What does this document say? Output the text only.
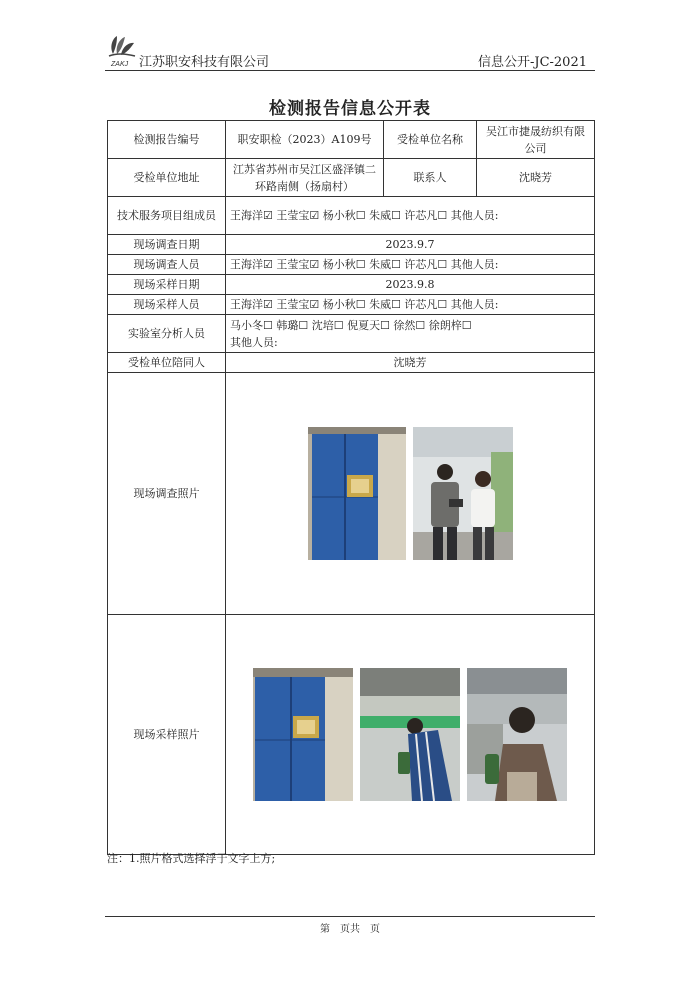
ZAKJ 江苏职安科技有限公司	信息公开-JC-2021
检测报告信息公开表
检测报告编号	职安职检（2023）A109号	受检单位名称	吴江市捷晟纺织有限公司
受检单位地址	江苏省苏州市吴江区盛泽镇二环路南侧（扬扇村）	联系人	沈晓芳
技术服务项目组成员	王海洋☑ 王莹宝☑ 杨小秋☐ 朱威☐ 许芯凡☐ 其他人员:		
现场调查日期	2023.9.7		
现场调查人员	王海洋☑ 王莹宝☑ 杨小秋☐ 朱威☐ 许芯凡☐ 其他人员:		
现场采样日期	2023.9.8		
现场采样人员	王海洋☑ 王莹宝☑ 杨小秋☐ 朱威☐ 许芯凡☐ 其他人员:		
实验室分析人员	马小冬☐ 韩璐☐ 沈培☐ 倪夏天☐ 徐然☐ 徐朗梓☐
其他人员:		

受检单位陪同人	沈晓芳		
现场调查照片	

现场采样照片	
注：1.照片格式选择浮于文字上方;
第　页共　页
